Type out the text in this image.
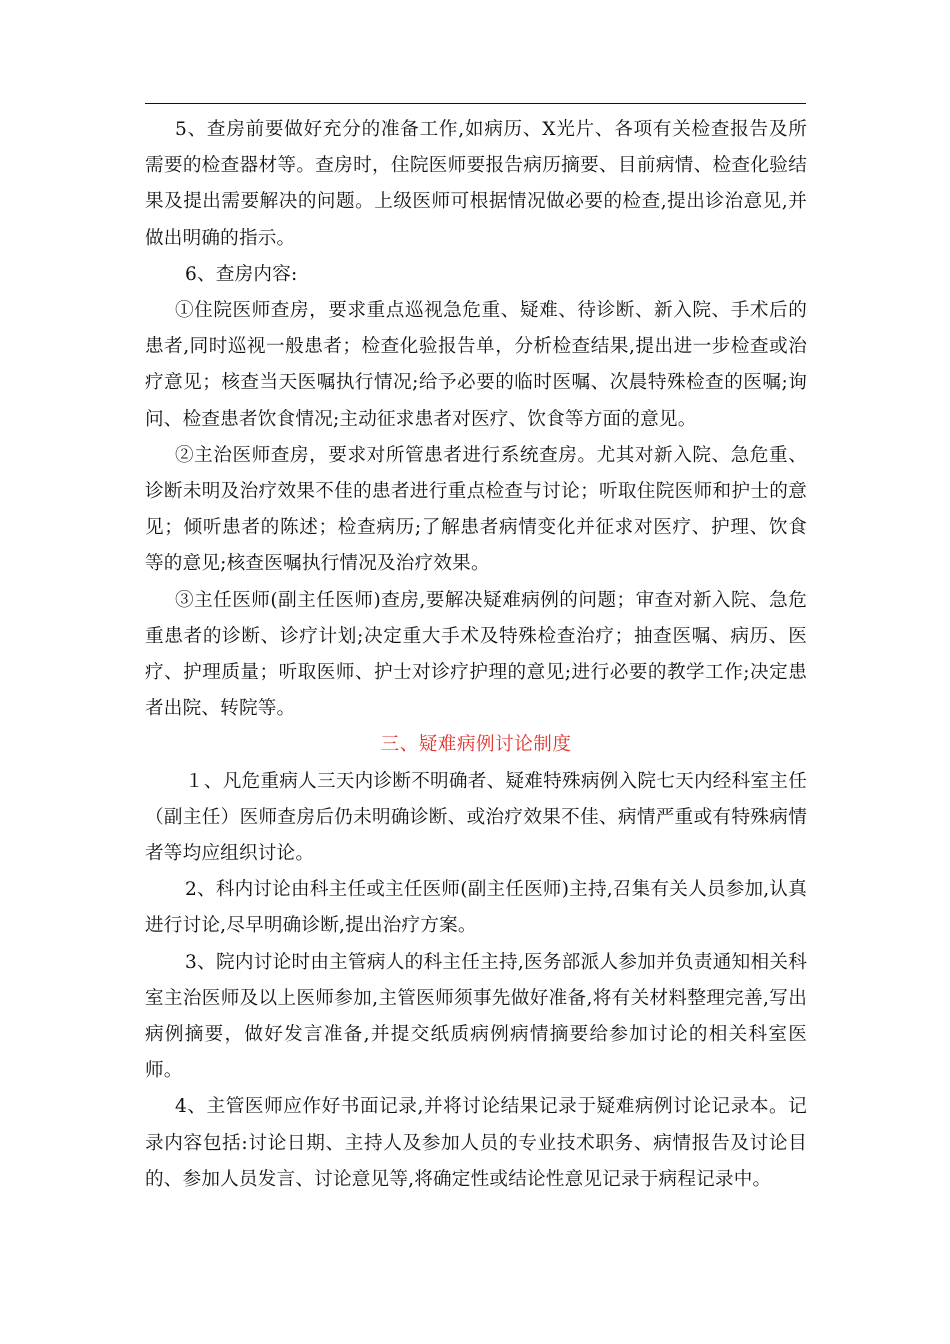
5、查房前要做好充分的准备工作,如病历、X光片、各项有关检查报告及所需要的检查器材等。查房时，住院医师要报告病历摘要、目前病情、检查化验结果及提出需要解决的问题。上级医师可根据情况做必要的检查,提出诊治意见,并做出明确的指示。

6、查房内容:

①住院医师查房，要求重点巡视急危重、疑难、待诊断、新入院、手术后的患者,同时巡视一般患者；检查化验报告单，分析检查结果,提出进一步检查或治疗意见；核查当天医嘱执行情况;给予必要的临时医嘱、次晨特殊检查的医嘱;询问、检查患者饮食情况;主动征求患者对医疗、饮食等方面的意见。

②主治医师查房，要求对所管患者进行系统查房。尤其对新入院、急危重、诊断未明及治疗效果不佳的患者进行重点检查与讨论；听取住院医师和护士的意见；倾听患者的陈述；检查病历;了解患者病情变化并征求对医疗、护理、饮食等的意见;核查医嘱执行情况及治疗效果。

③主任医师(副主任医师)查房,要解决疑难病例的问题；审查对新入院、急危重患者的诊断、诊疗计划;决定重大手术及特殊检查治疗；抽查医嘱、病历、医疗、护理质量；听取医师、护士对诊疗护理的意见;进行必要的教学工作;决定患者出院、转院等。

三、疑难病例讨论制度

１、凡危重病人三天内诊断不明确者、疑难特殊病例入院七天内经科室主任（副主任）医师查房后仍未明确诊断、或治疗效果不佳、病情严重或有特殊病情者等均应组织讨论。

2、科内讨论由科主任或主任医师(副主任医师)主持,召集有关人员参加,认真进行讨论,尽早明确诊断,提出治疗方案。

3、院内讨论时由主管病人的科主任主持,医务部派人参加并负责通知相关科室主治医师及以上医师参加,主管医师须事先做好准备,将有关材料整理完善,写出病例摘要，做好发言准备,并提交纸质病例病情摘要给参加讨论的相关科室医师。

4、主管医师应作好书面记录,并将讨论结果记录于疑难病例讨论记录本。记录内容包括:讨论日期、主持人及参加人员的专业技术职务、病情报告及讨论目的、参加人员发言、讨论意见等,将确定性或结论性意见记录于病程记录中。
